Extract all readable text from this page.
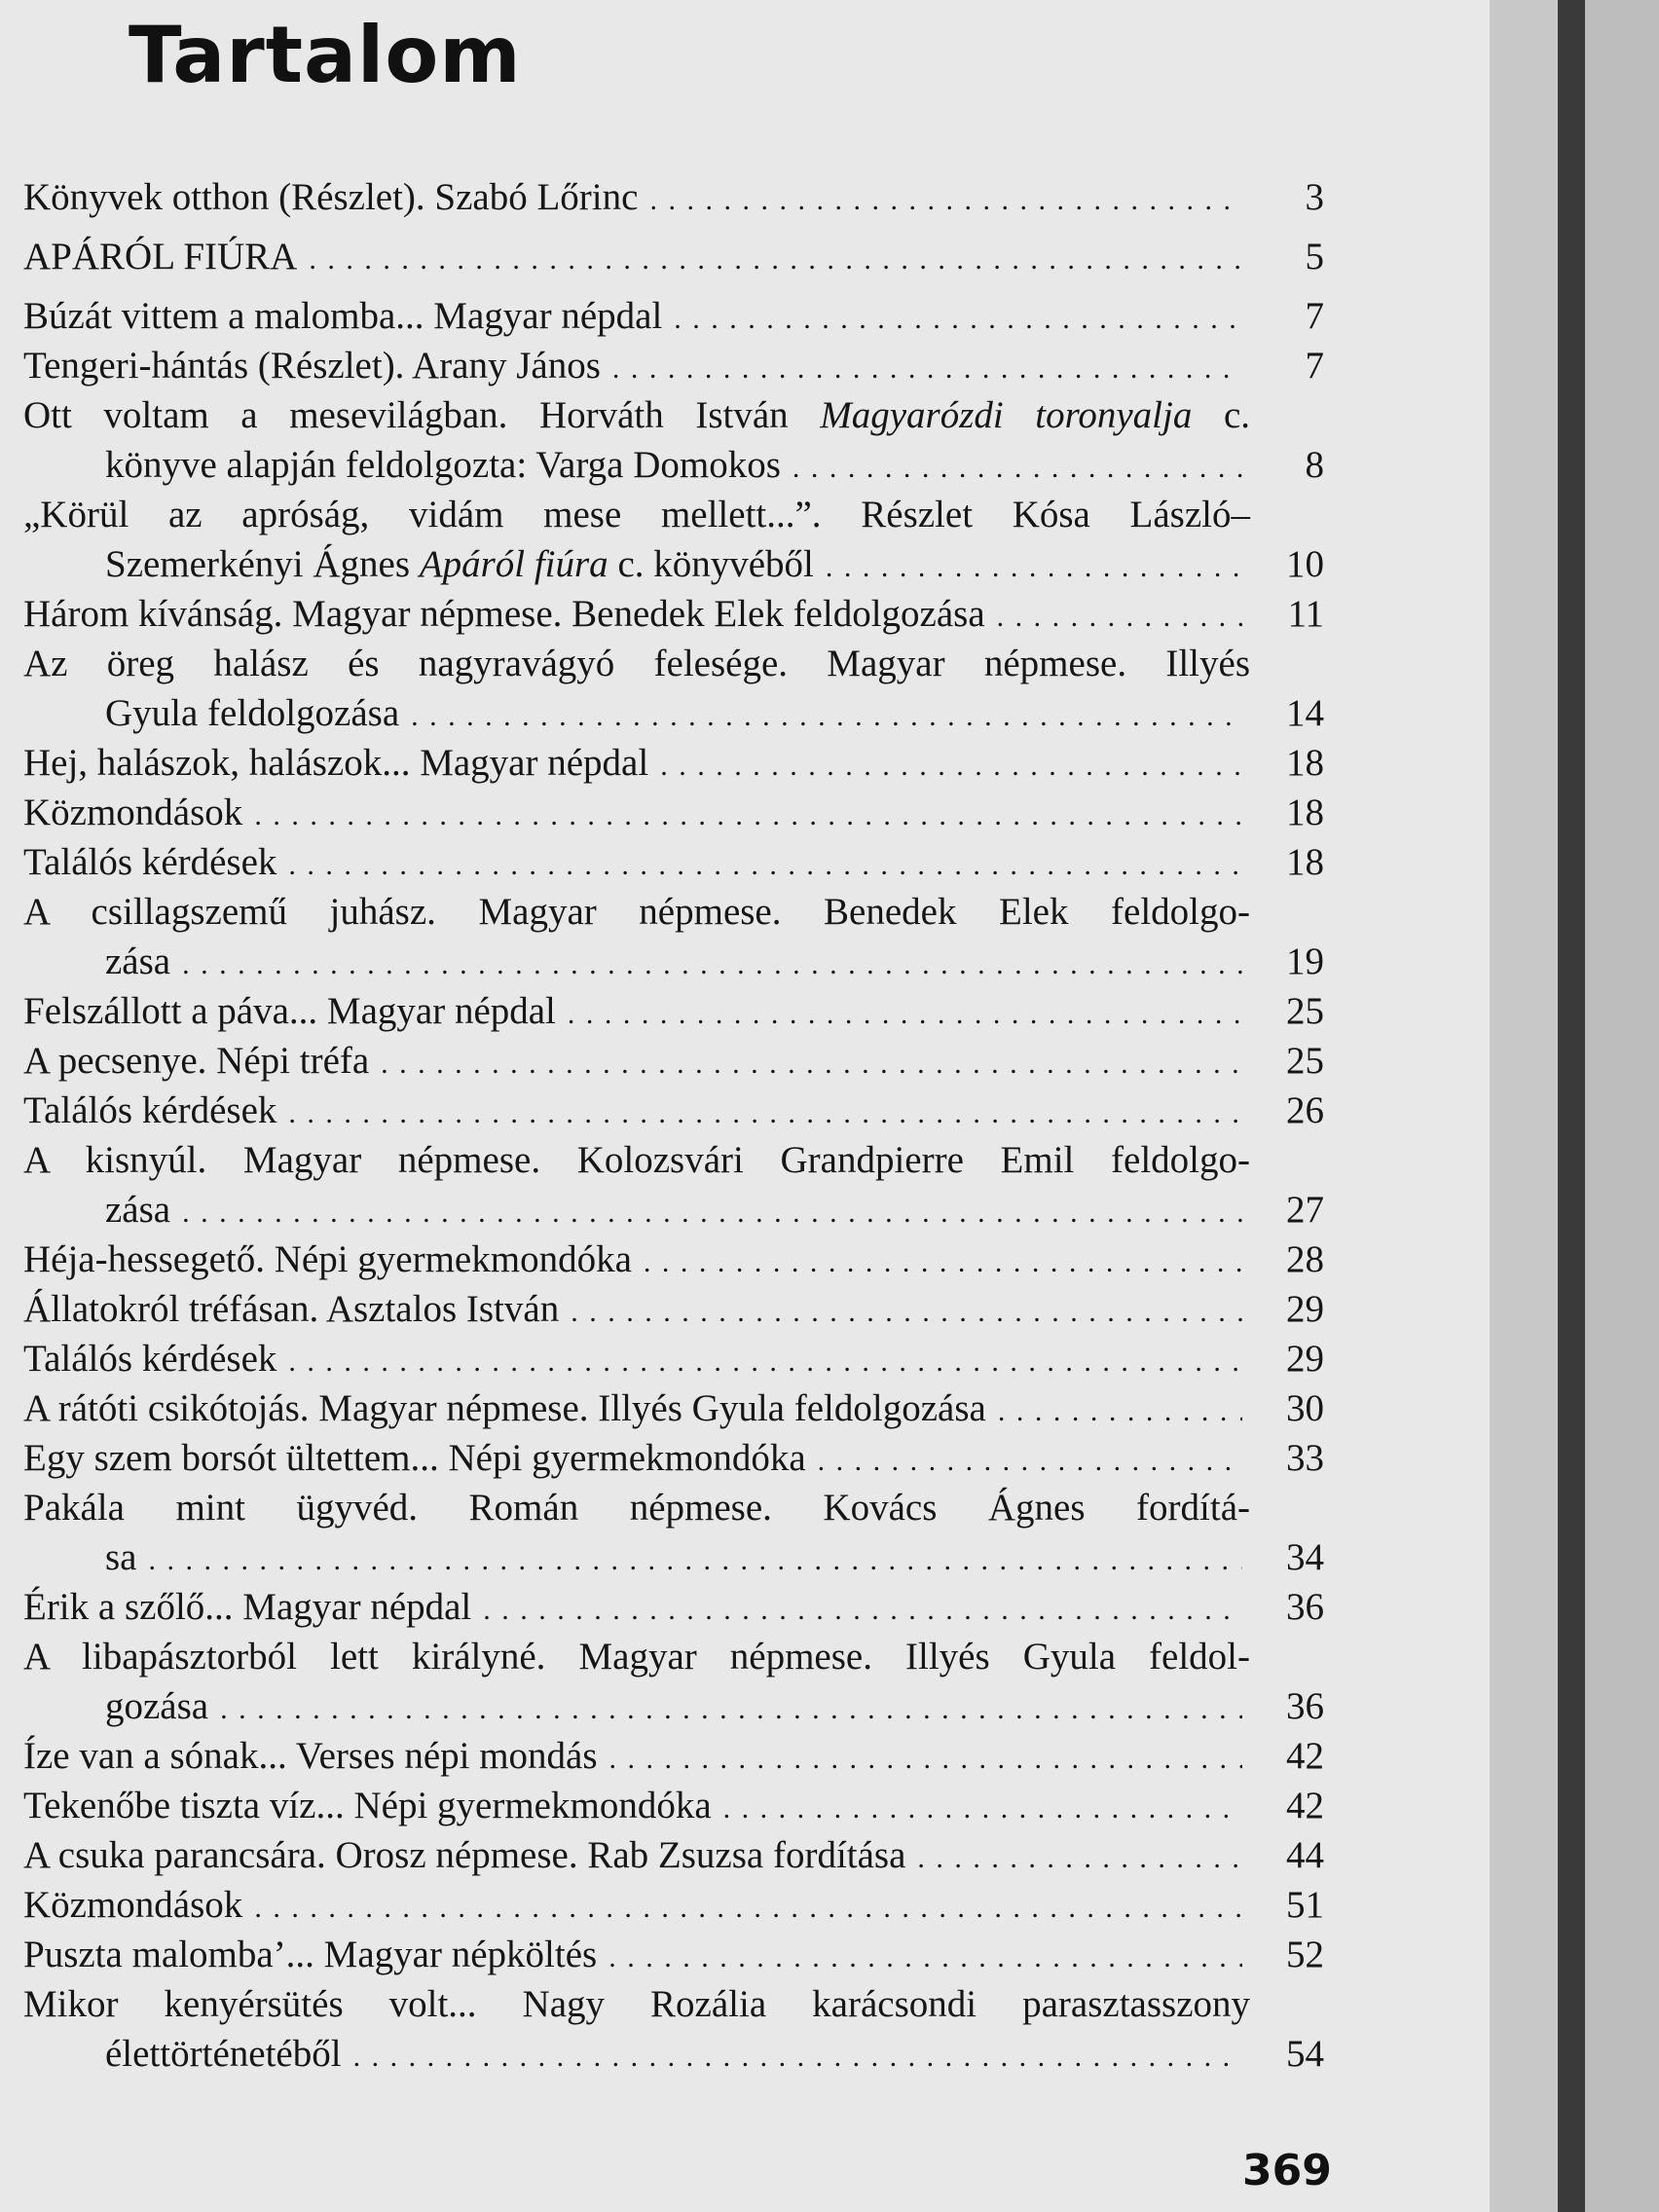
Tartalom
Könyvek otthon (Részlet). Szabó Lőrinc . . .	3
APÁRÓL FIÚRA . . .	5
Búzát vittem a malomba... Magyar népdal . . .	7
Tengeri-hántás (Részlet). Arany János . . .	7
Ott voltam a mesevilágban. Horváth István Magyarózdi toronyalja c.
könyve alapján feldolgozta: Varga Domokos . . .	8
„Körül az apróság, vidám mese mellett...”. Részlet Kósa László–
Szemerkényi Ágnes Apáról fiúra c. könyvéből . . .	10
Három kívánság. Magyar népmese. Benedek Elek feldolgozása . . .	11
Az öreg halász és nagyravágyó felesége. Magyar népmese. Illyés
Gyula feldolgozása . . .	14
Hej, halászok, halászok... Magyar népdal . . .	18
Közmondások . . .	18
Találós kérdések . . .	18
A csillagszemű juhász. Magyar népmese. Benedek Elek feldolgo-
zása . . .	19
Felszállott a páva... Magyar népdal . . .	25
A pecsenye. Népi tréfa . . .	25
Találós kérdések . . .	26
A kisnyúl. Magyar népmese. Kolozsvári Grandpierre Emil feldolgo-
zása . . .	27
Héja-hessegető. Népi gyermekmondóka . . .	28
Állatokról tréfásan. Asztalos István . . .	29
Találós kérdések . . .	29
A rátóti csikótojás. Magyar népmese. Illyés Gyula feldolgozása . . .	30
Egy szem borsót ültettem... Népi gyermekmondóka . . .	33
Pakála mint ügyvéd. Román népmese. Kovács Ágnes fordítá-
sa . . .	34
Érik a szőlő... Magyar népdal . . .	36
A libapásztorból lett királyné. Magyar népmese. Illyés Gyula feldol-
gozása . . .	36
Íze van a sónak... Verses népi mondás . . .	42
Tekenőbe tiszta víz... Népi gyermekmondóka . . .	42
A csuka parancsára. Orosz népmese. Rab Zsuzsa fordítása . . .	44
Közmondások . . .	51
Puszta malomba’... Magyar népköltés . . .	52
Mikor kenyérsütés volt... Nagy Rozália karácsondi parasztasszony
élettörténetéből . . .	54
369
